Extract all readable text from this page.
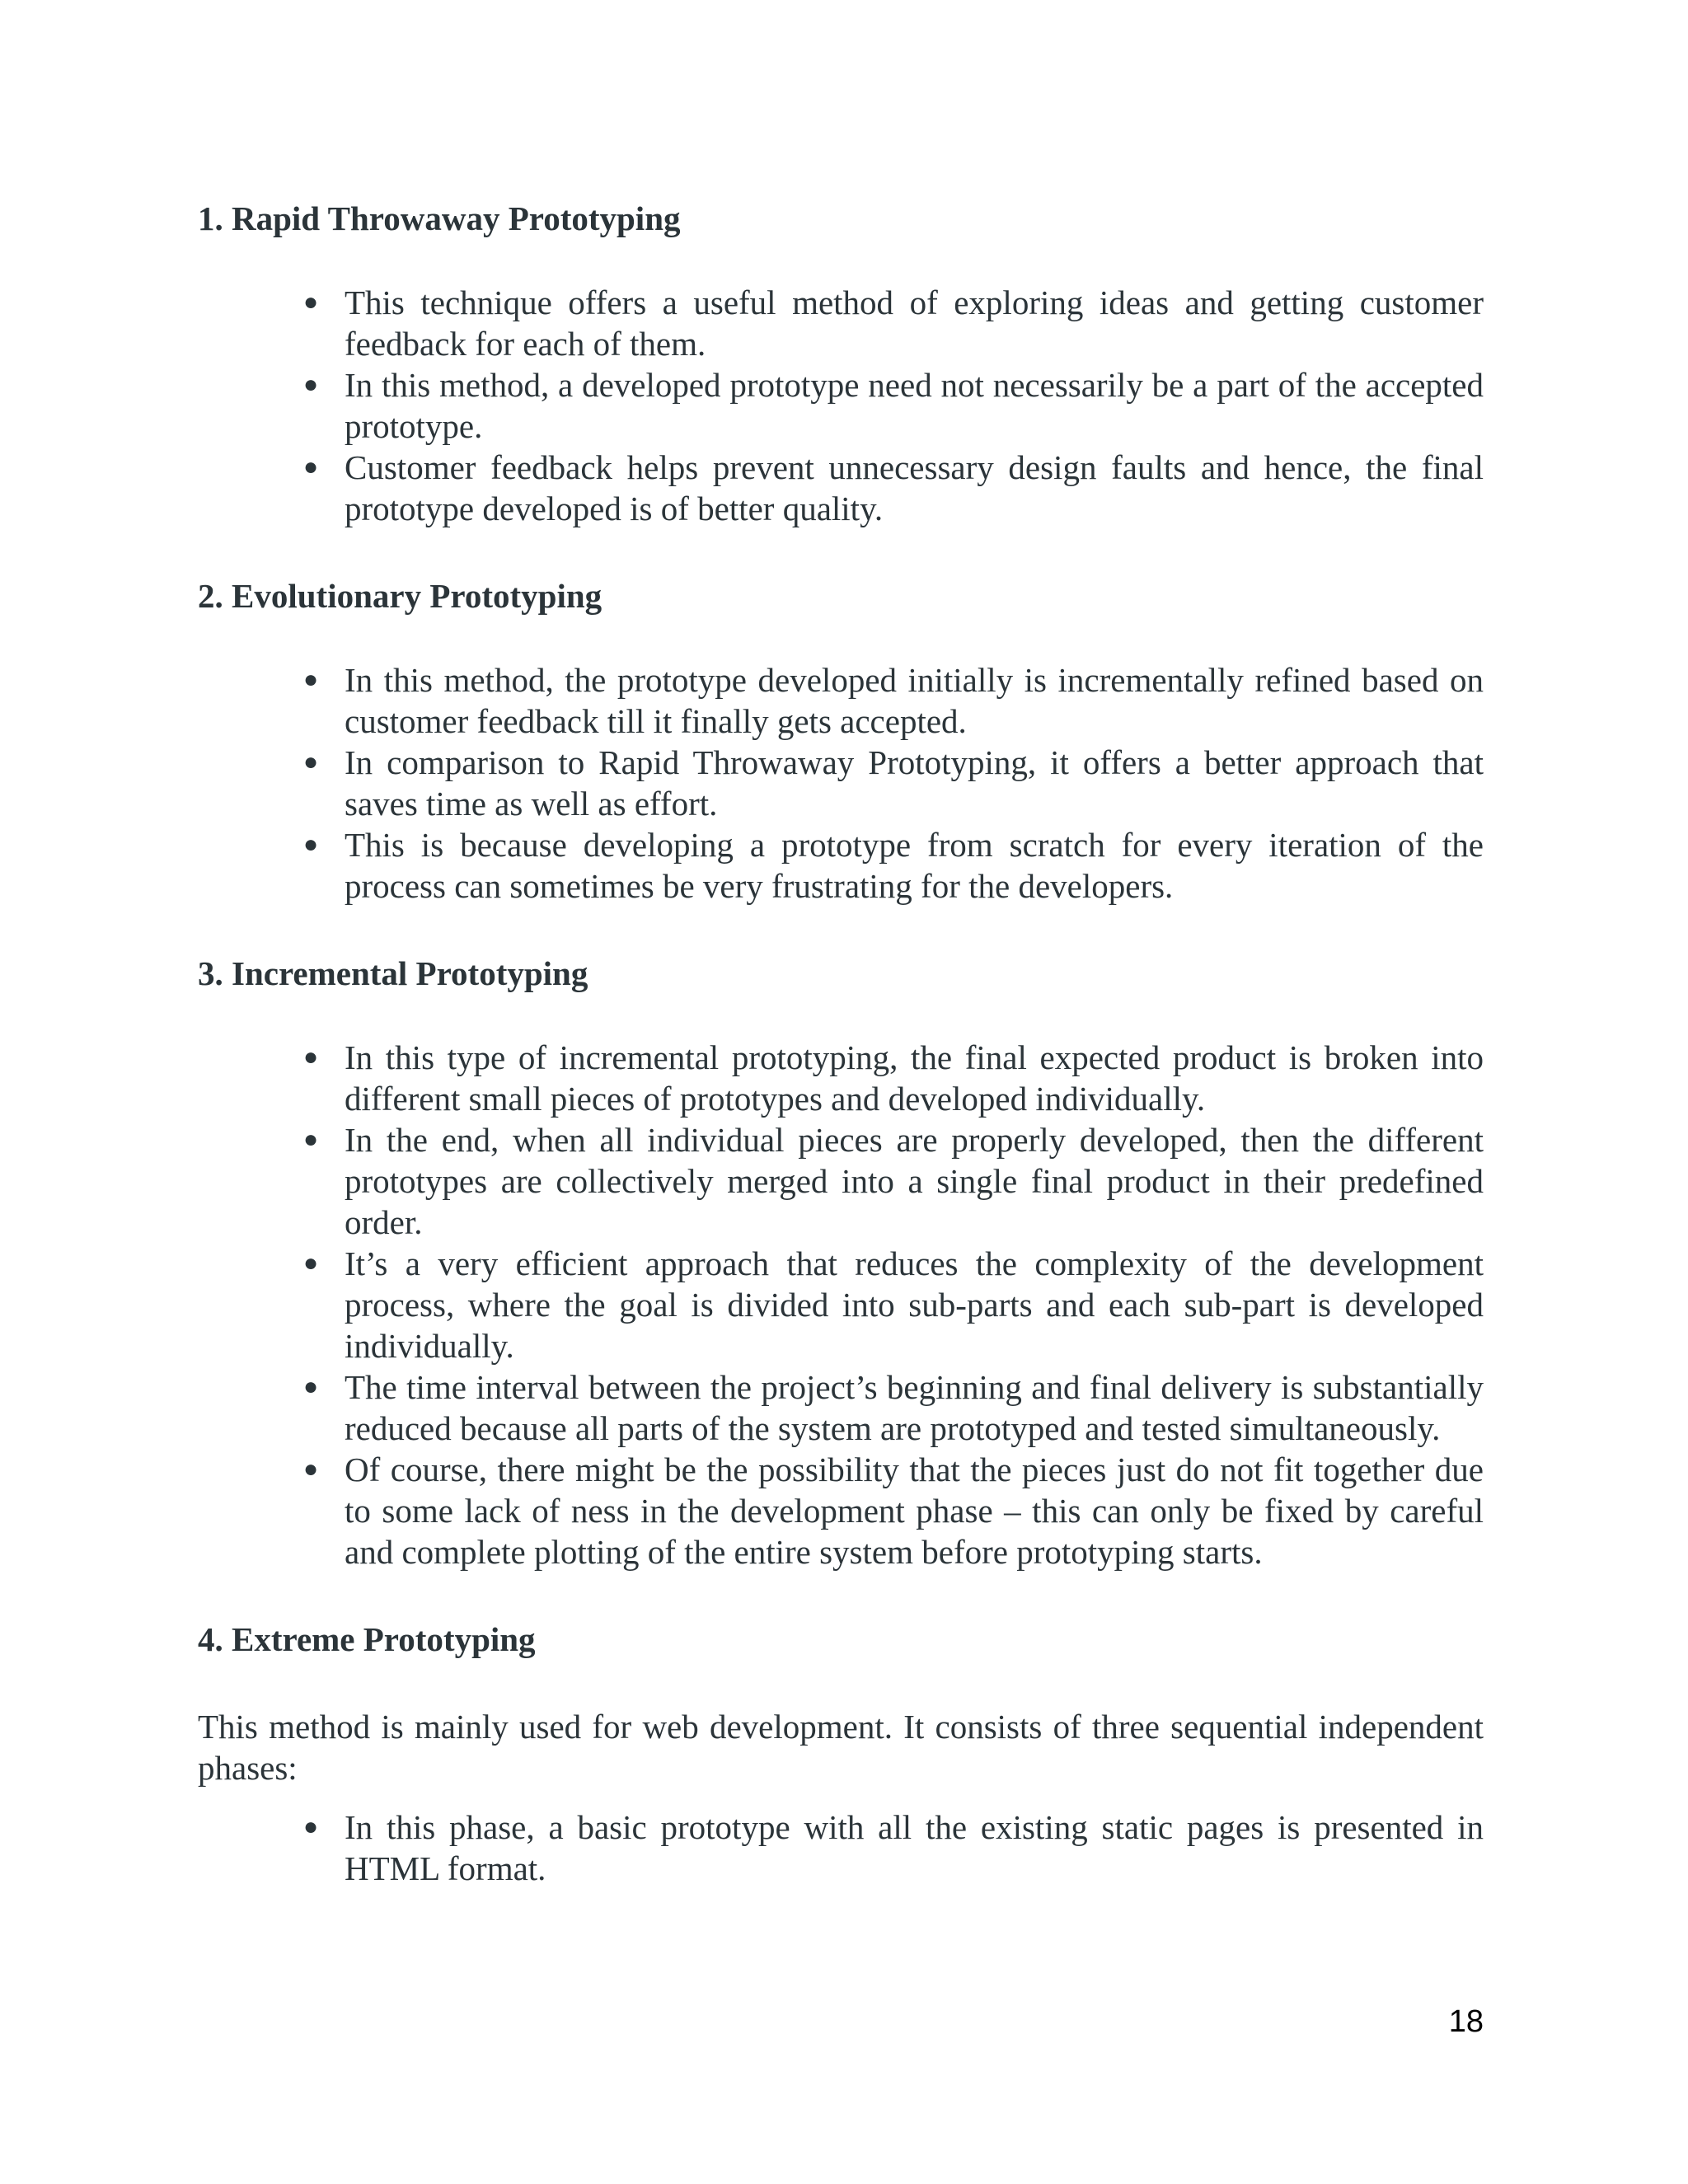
1. Rapid Throwaway Prototyping
● This technique offers a useful method of exploring ideas and getting customer feedback for each of them.
● In this method, a developed prototype need not necessarily be a part of the accepted prototype.
● Customer feedback helps prevent unnecessary design faults and hence, the final prototype developed is of better quality.
2. Evolutionary Prototyping
● In this method, the prototype developed initially is incrementally refined based on customer feedback till it finally gets accepted.
● In comparison to Rapid Throwaway Prototyping, it offers a better approach that saves time as well as effort.
● This is because developing a prototype from scratch for every iteration of the process can sometimes be very frustrating for the developers.
3. Incremental Prototyping
● In this type of incremental prototyping, the final expected product is broken into different small pieces of prototypes and developed individually.
● In the end, when all individual pieces are properly developed, then the different prototypes are collectively merged into a single final product in their predefined order.
● It’s a very efficient approach that reduces the complexity of the development process, where the goal is divided into sub-parts and each sub-part is developed individually.
● The time interval between the project’s beginning and final delivery is substantially reduced because all parts of the system are prototyped and tested simultaneously.
● Of course, there might be the possibility that the pieces just do not fit together due to some lack of ness in the development phase – this can only be fixed by careful and complete plotting of the entire system before prototyping starts.
4. Extreme Prototyping

This method is mainly used for web development. It consists of three sequential independent phases:

● In this phase, a basic prototype with all the existing static pages is presented in HTML format.
18
